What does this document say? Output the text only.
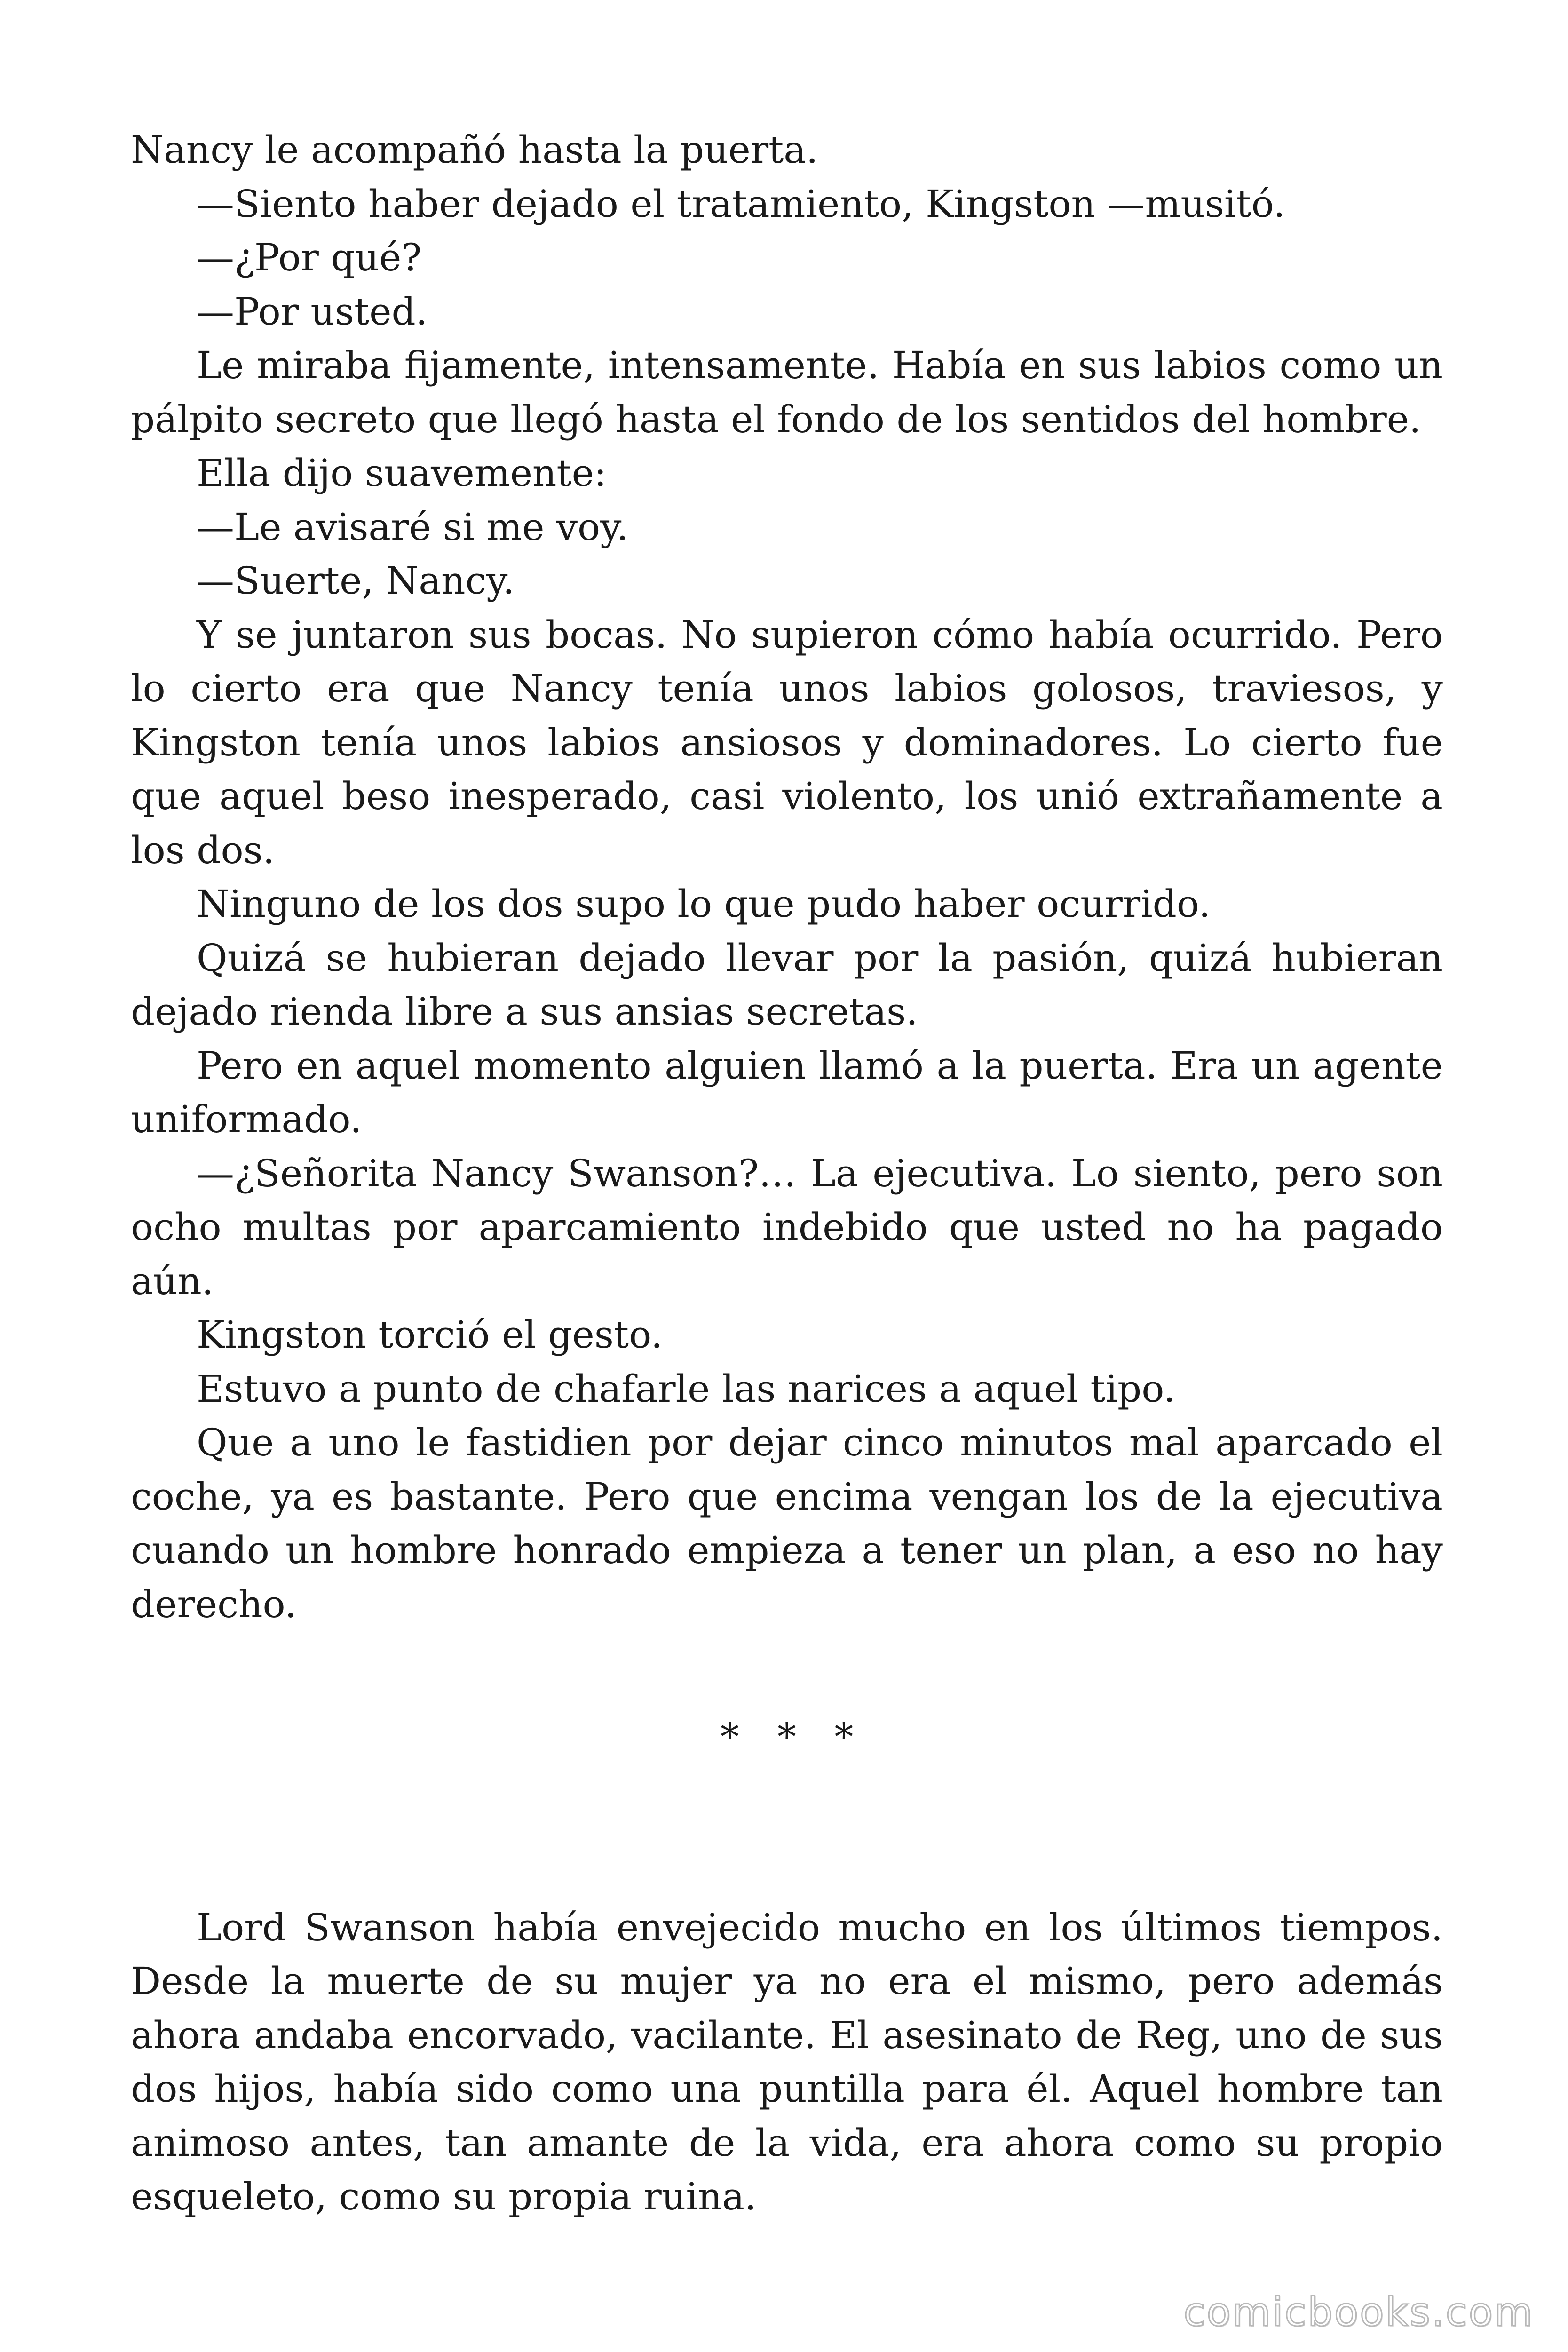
Nancy le acompañó hasta la puerta.

—Siento haber dejado el tratamiento, Kingston —musitó.

—¿Por qué?

—Por usted.

Le miraba fijamente, intensamente. Había en sus labios como un pálpito secreto que llegó hasta el fondo de los sentidos del hombre.

Ella dijo suavemente:

—Le avisaré si me voy.

—Suerte, Nancy.

Y se juntaron sus bocas. No supieron cómo había ocurrido. Pero lo cierto era que Nancy tenía unos labios golosos, traviesos, y Kingston tenía unos labios ansiosos y dominadores. Lo cierto fue que aquel beso inesperado, casi violento, los unió extrañamente a los dos.

Ninguno de los dos supo lo que pudo haber ocurrido.

Quizá se hubieran dejado llevar por la pasión, quizá hubieran dejado rienda libre a sus ansias secretas.

Pero en aquel momento alguien llamó a la puerta. Era un agente uniformado.

—¿Señorita Nancy Swanson?… La ejecutiva. Lo siento, pero son ocho multas por aparcamiento indebido que usted no ha pagado aún.

Kingston torció el gesto.

Estuvo a punto de chafarle las narices a aquel tipo.

Que a uno le fastidien por dejar cinco minutos mal aparcado el coche, ya es bastante. Pero que encima vengan los de la ejecutiva cuando un hombre honrado empieza a tener un plan, a eso no hay derecho.

* * *

Lord Swanson había envejecido mucho en los últimos tiempos. Desde la muerte de su mujer ya no era el mismo, pero además ahora andaba encorvado, vacilante. El asesinato de Reg, uno de sus dos hijos, había sido como una puntilla para él. Aquel hombre tan animoso antes, tan amante de la vida, era ahora como su propio esqueleto, como su propia ruina.

comicbooks.com
